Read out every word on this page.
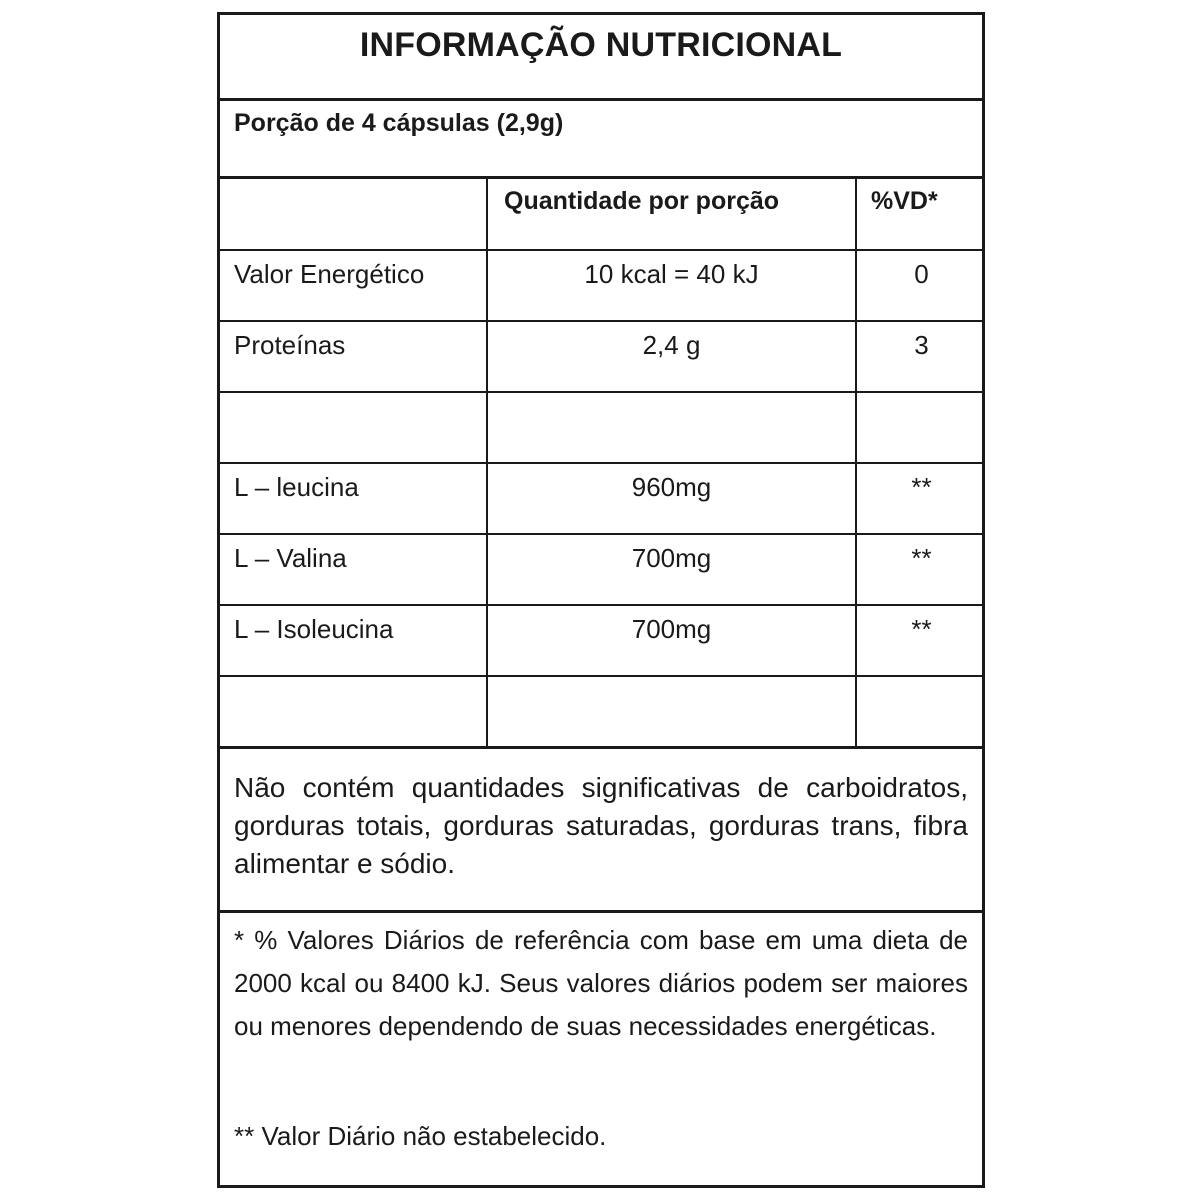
INFORMAÇÃO NUTRICIONAL
Porção de 4 cápsulas (2,9g)

	Quantidade por porção	%VD*

Valor Energético	10 kcal = 40 kJ	0

Proteínas	2,4 g	3

L – leucina	960mg	**

L – Valina	700mg	**

L – Isoleucina	700mg	**

Não contém quantidades significativas de carboidratos, gorduras totais, gorduras saturadas, gorduras trans, fibra alimentar e sódio.

* % Valores Diários de referência com base em uma dieta de 2000 kcal ou 8400 kJ. Seus valores diários podem ser maiores ou menores dependendo de suas necessidades energéticas.

** Valor Diário não estabelecido.
